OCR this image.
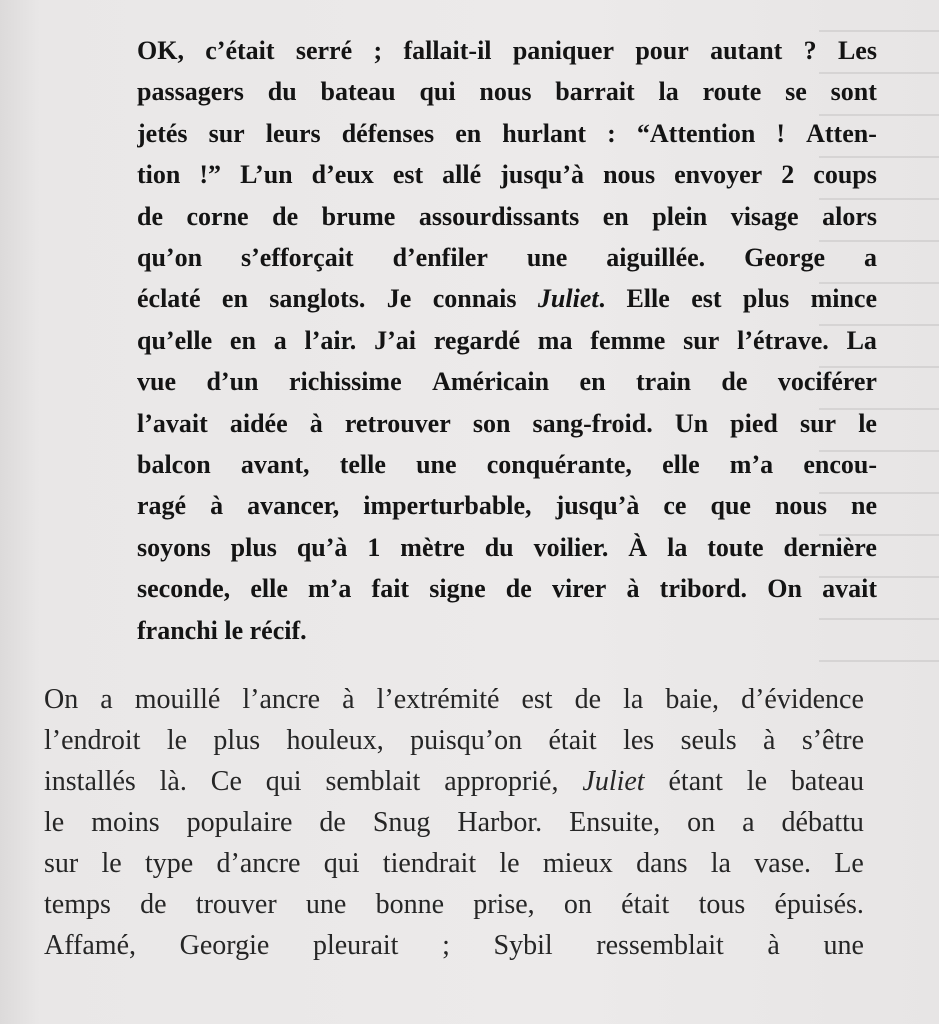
OK, c’était serré ; fallait-il paniquer pour autant ? Les
passagers du bateau qui nous barrait la route se sont
jetés sur leurs défenses en hurlant : “Attention ! Atten-
tion !” L’un d’eux est allé jusqu’à nous envoyer 2 coups
de corne de brume assourdissants en plein visage alors
qu’on s’efforçait d’enfiler une aiguillée. George a
éclaté en sanglots. Je connais Juliet. Elle est plus mince
qu’elle en a l’air. J’ai regardé ma femme sur l’étrave. La
vue d’un richissime Américain en train de vociférer
l’avait aidée à retrouver son sang-froid. Un pied sur le
balcon avant, telle une conquérante, elle m’a encou-
ragé à avancer, imperturbable, jusqu’à ce que nous ne
soyons plus qu’à 1 mètre du voilier. À la toute dernière
seconde, elle m’a fait signe de virer à tribord. On avait
franchi le récif.
On a mouillé l’ancre à l’extrémité est de la baie, d’évidence
l’endroit le plus houleux, puisqu’on était les seuls à s’être
installés là. Ce qui semblait approprié, Juliet étant le bateau
le moins populaire de Snug Harbor. Ensuite, on a débattu
sur le type d’ancre qui tiendrait le mieux dans la vase. Le
temps de trouver une bonne prise, on était tous épuisés.
Affamé, Georgie pleurait ; Sybil ressemblait à une
